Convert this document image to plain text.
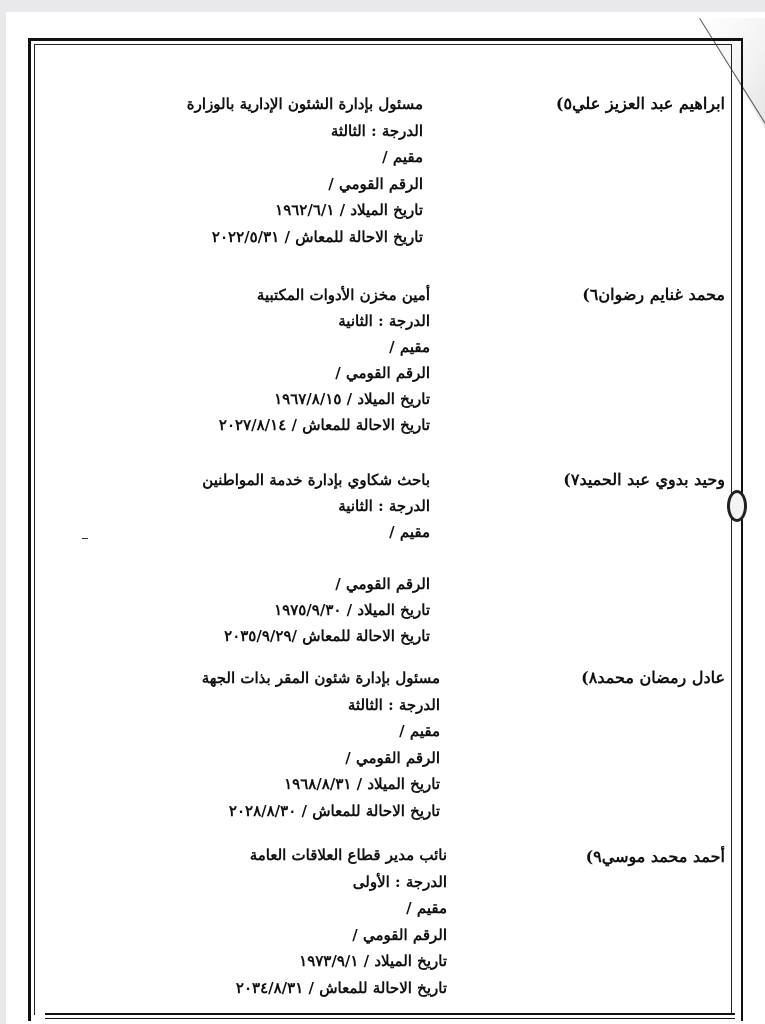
ابراهيم عبد العزيز علي٥)
مسئول بإدارة الشئون الإدارية بالوزارة
الدرجة : الثالثة
مقيم /
الرقم القومي /
تاريخ الميلاد / ١٩٦٢/٦/١
تاريخ الاحالة للمعاش / ٢٠٢٢/٥/٣١
محمد غنايم رضوان٦)
أمين مخزن الأدوات المكتبية
الدرجة : الثانية
مقيم /
الرقم القومي /
تاريخ الميلاد / ١٩٦٧/٨/١٥
تاريخ الاحالة للمعاش / ٢٠٢٧/٨/١٤
وحيد بدوي عبد الحميد٧)
باحث شكاوي بإدارة خدمة المواطنين
الدرجة : الثانية
مقيم /
الرقم القومي /
تاريخ الميلاد / ١٩٧٥/٩/٣٠
تاريخ الاحالة للمعاش /٢٠٣٥/٩/٢٩
عادل رمضان محمد٨)
مسئول بإدارة شئون المقر بذات الجهة
الدرجة : الثالثة
مقيم /
الرقم القومي /
تاريخ الميلاد / ١٩٦٨/٨/٣١
تاريخ الاحالة للمعاش / ٢٠٢٨/٨/٣٠
أحمد محمد موسي٩)
نائب مدير قطاع العلاقات العامة
الدرجة : الأولى
مقيم /
الرقم القومي /
تاريخ الميلاد / ١٩٧٣/٩/١
تاريخ الاحالة للمعاش / ٢٠٣٤/٨/٣١
